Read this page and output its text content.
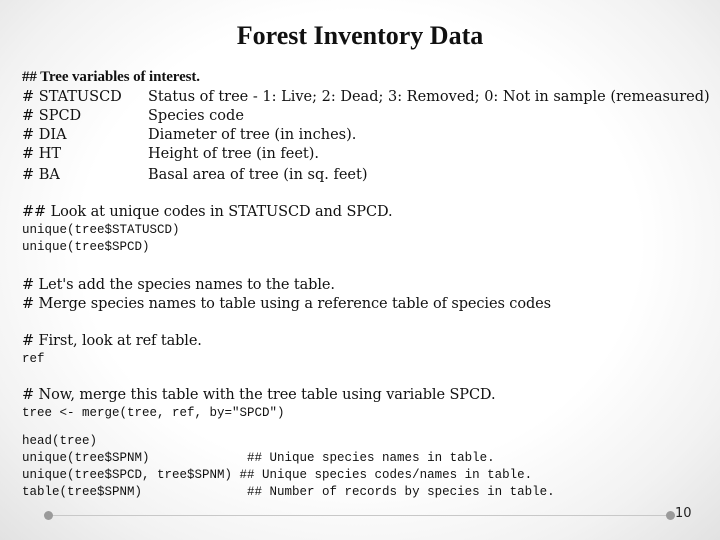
Forest Inventory Data
## Tree variables of interest.
# STATUSCD Status of tree - 1: Live; 2: Dead; 3: Removed; 0: Not in sample (remeasured)
# SPCD	Species code
# DIA	Diameter of tree (in inches).
# HT	Height of tree (in feet).
# BA	Basal area of tree (in sq. feet)
## Look at unique codes in STATUSCD and SPCD.
unique(tree$STATUSCD)
unique(tree$SPCD)
# Let's add the species names to the table.
# Merge species names to table using a reference table of species codes
# First, look at ref table.
ref
# Now, merge this table with the tree table using variable SPCD.
tree <- merge(tree, ref, by="SPCD")
head(tree)
unique(tree$SPNM)             ## Unique species names in table.
unique(tree$SPCD, tree$SPNM) ## Unique species codes/names in table.
table(tree$SPNM)              ## Number of records by species in table.
10
